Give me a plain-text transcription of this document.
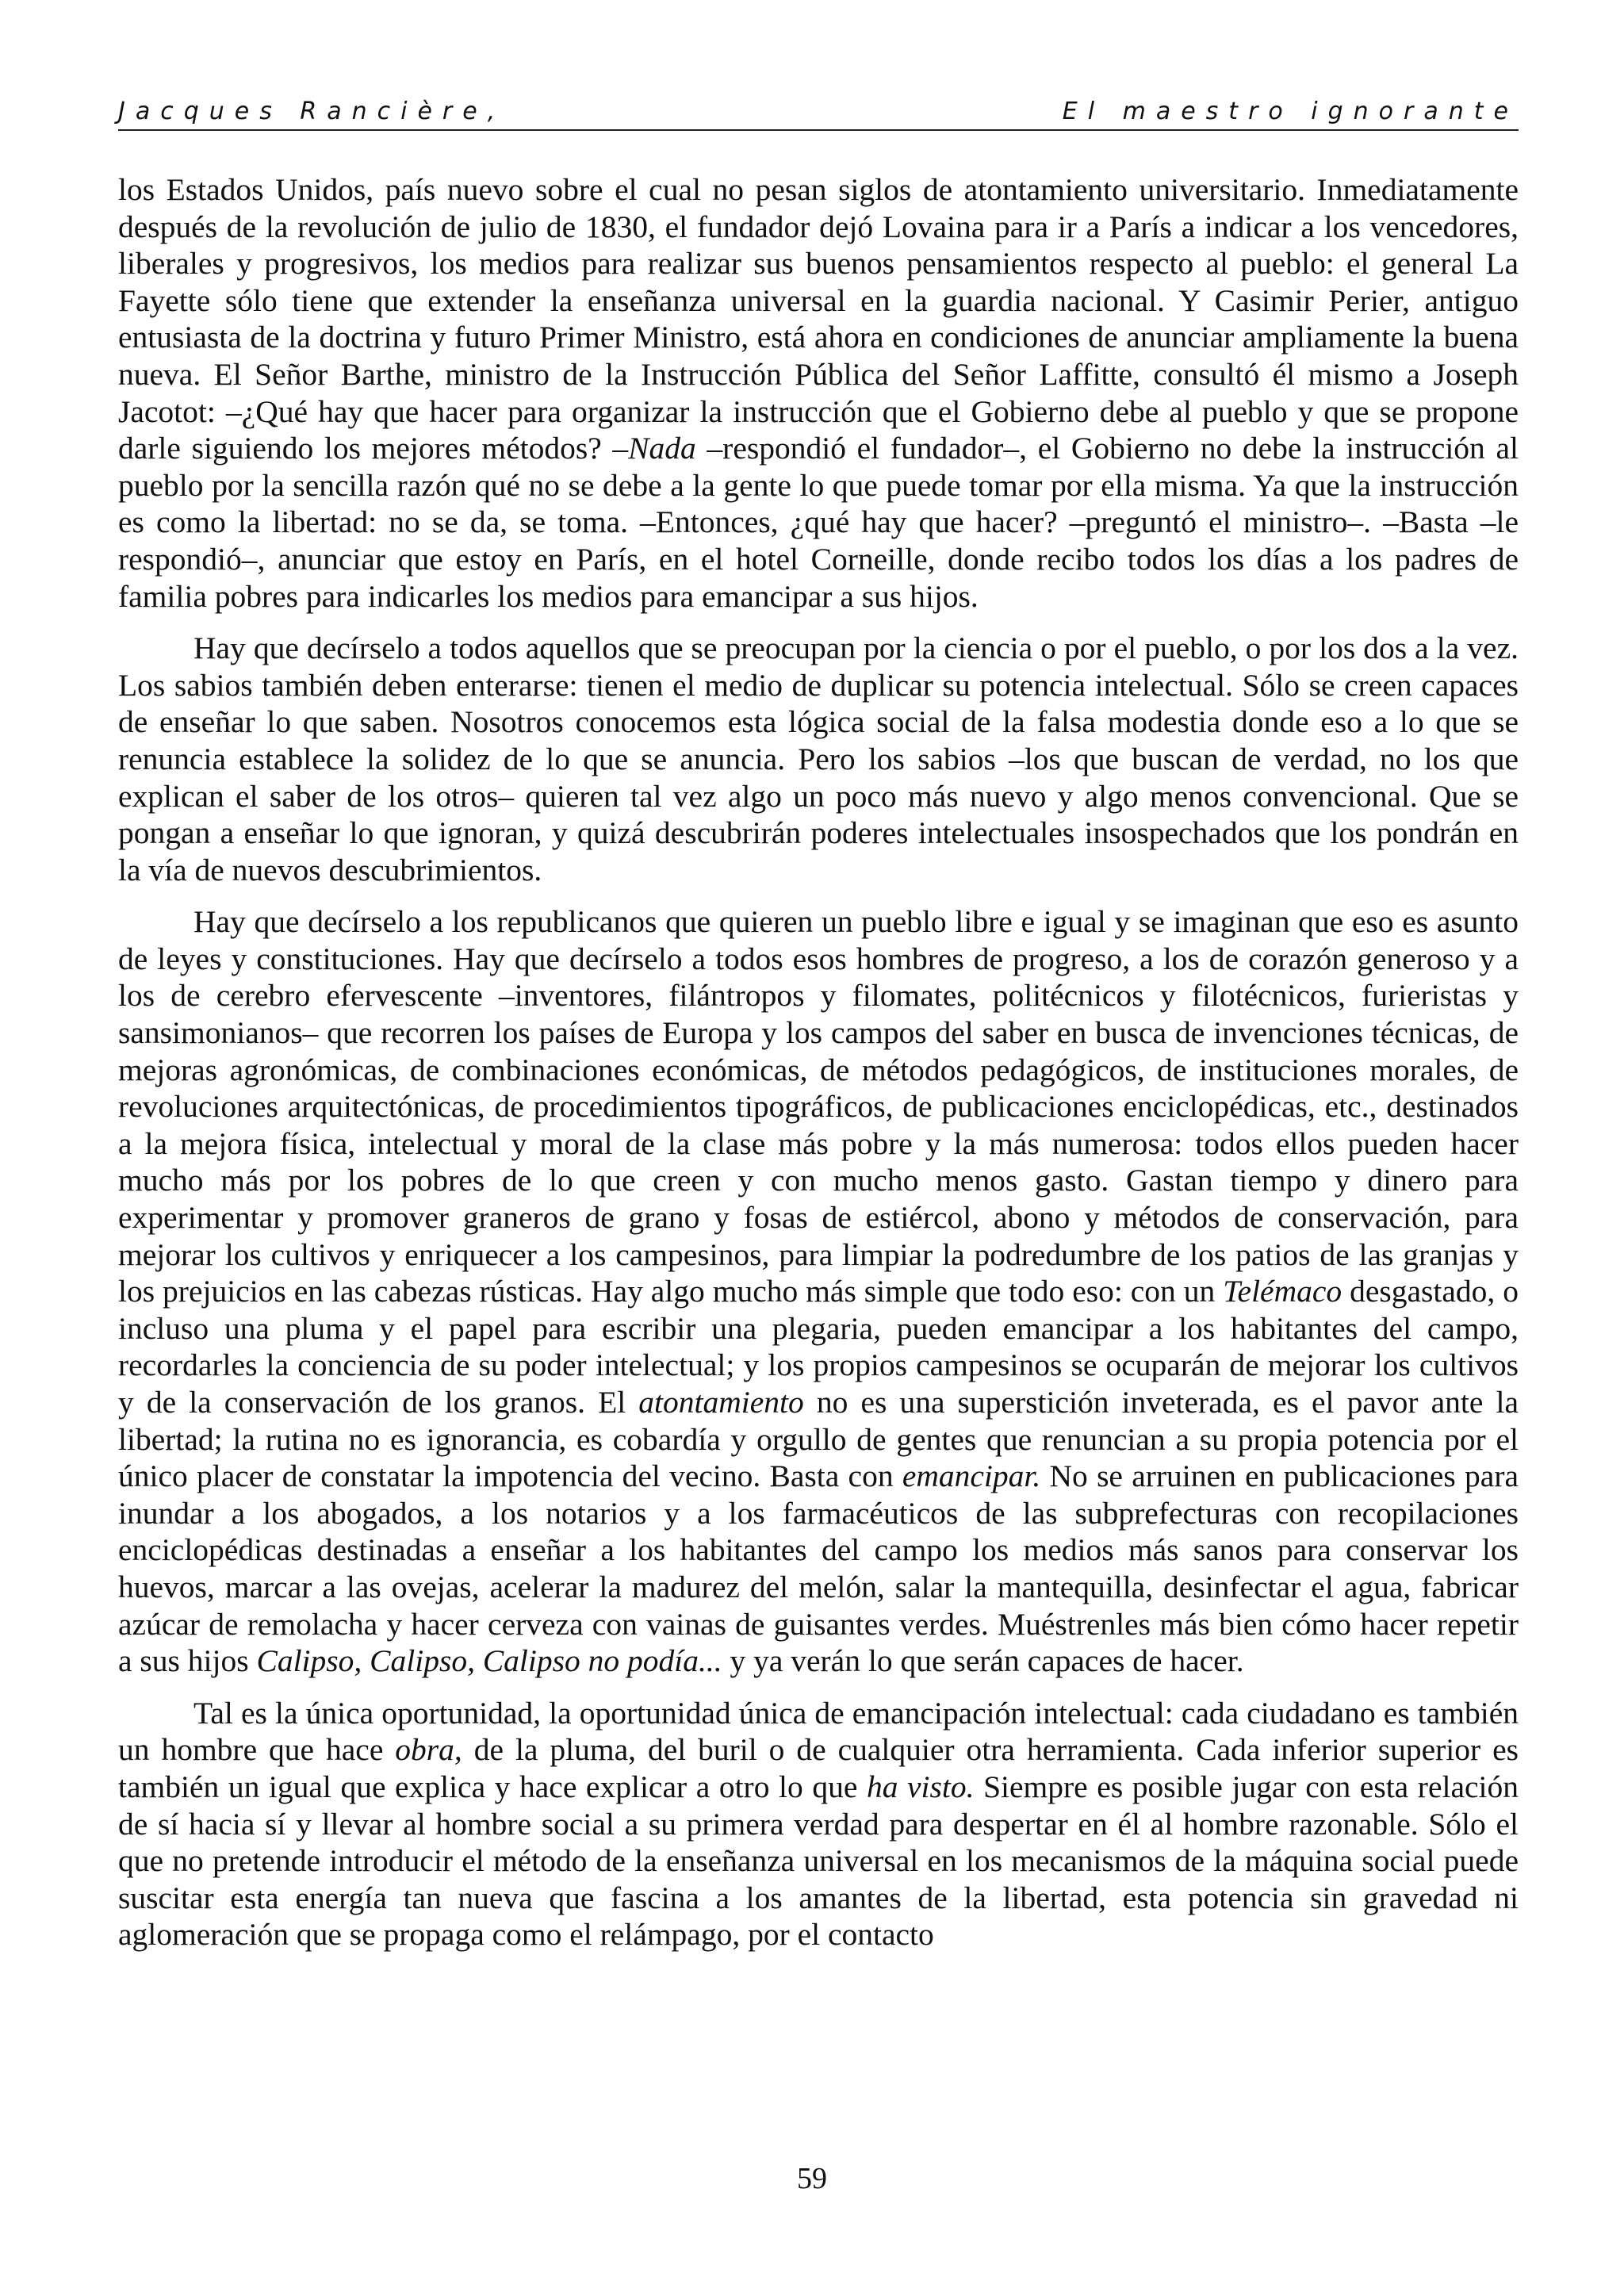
Jacques Rancière,	El maestro ignorante

los Estados Unidos, país nuevo sobre el cual no pesan siglos de atontamiento universitario. Inmediatamente después de la revolución de julio de 1830, el fundador dejó Lovaina para ir a París a indicar a los vencedores, liberales y progresivos, los medios para realizar sus buenos pensamientos respecto al pueblo: el general La Fayette sólo tiene que extender la enseñanza universal en la guardia nacional. Y Casimir Perier, antiguo entusiasta de la doctrina y futuro Primer Ministro, está ahora en condiciones de anunciar ampliamente la buena nueva. El Señor Barthe, ministro de la Instrucción Pública del Señor Laffitte, consultó él mismo a Joseph Jacotot: –¿Qué hay que hacer para organizar la instrucción que el Gobierno debe al pueblo y que se propone darle siguiendo los mejores métodos? –Nada –respondió el fundador–, el Gobierno no debe la instrucción al pueblo por la sencilla razón qué no se debe a la gente lo que puede tomar por ella misma. Ya que la instrucción es como la libertad: no se da, se toma. –Entonces, ¿qué hay que hacer? –preguntó el ministro–. –Basta –le respondió–, anunciar que estoy en París, en el hotel Corneille, donde recibo todos los días a los padres de familia pobres para indicarles los medios para emancipar a sus hijos.

Hay que decírselo a todos aquellos que se preocupan por la ciencia o por el pueblo, o por los dos a la vez. Los sabios también deben enterarse: tienen el medio de duplicar su potencia intelectual. Sólo se creen capaces de enseñar lo que saben. Nosotros conocemos esta lógica social de la falsa modestia donde eso a lo que se renuncia establece la solidez de lo que se anuncia. Pero los sabios –los que buscan de verdad, no los que explican el saber de los otros– quieren tal vez algo un poco más nuevo y algo menos convencional. Que se pongan a enseñar lo que ignoran, y quizá descubrirán poderes intelectuales insospechados que los pondrán en la vía de nuevos descubrimientos.

Hay que decírselo a los republicanos que quieren un pueblo libre e igual y se imaginan que eso es asunto de leyes y constituciones. Hay que decírselo a todos esos hombres de progreso, a los de corazón generoso y a los de cerebro efervescente –inventores, filántropos y filomates, politécnicos y filotécnicos, furieristas y sansimonianos– que recorren los países de Europa y los campos del saber en busca de invenciones técnicas, de mejoras agronómicas, de combinaciones económicas, de métodos pedagógicos, de instituciones morales, de revoluciones arquitectónicas, de procedimientos tipográficos, de publicaciones enciclopédicas, etc., destinados a la mejora física, intelectual y moral de la clase más pobre y la más numerosa: todos ellos pueden hacer mucho más por los pobres de lo que creen y con mucho menos gasto. Gastan tiempo y dinero para experimentar y promover graneros de grano y fosas de estiércol, abono y métodos de conservación, para mejorar los cultivos y enriquecer a los campesinos, para limpiar la podredumbre de los patios de las granjas y los prejuicios en las cabezas rústicas. Hay algo mucho más simple que todo eso: con un Telémaco desgastado, o incluso una pluma y el papel para escribir una plegaria, pueden emancipar a los habitantes del campo, recordarles la conciencia de su poder intelectual; y los propios campesinos se ocuparán de mejorar los cultivos y de la conservación de los granos. El atontamiento no es una superstición inveterada, es el pavor ante la libertad; la rutina no es ignorancia, es cobardía y orgullo de gentes que renuncian a su propia potencia por el único placer de constatar la impotencia del vecino. Basta con emancipar. No se arruinen en publicaciones para inundar a los abogados, a los notarios y a los farmacéuticos de las subprefecturas con recopilaciones enciclopédicas destinadas a enseñar a los habitantes del campo los medios más sanos para conservar los huevos, marcar a las ovejas, acelerar la madurez del melón, salar la mantequilla, desinfectar el agua, fabricar azúcar de remolacha y hacer cerveza con vainas de guisantes verdes. Muéstrenles más bien cómo hacer repetir a sus hijos Calipso, Calipso, Calipso no podía... y ya verán lo que serán capaces de hacer.

Tal es la única oportunidad, la oportunidad única de emancipación intelectual: cada ciudadano es también un hombre que hace obra, de la pluma, del buril o de cualquier otra herramienta. Cada inferior superior es también un igual que explica y hace explicar a otro lo que ha visto. Siempre es posible jugar con esta relación de sí hacia sí y llevar al hombre social a su primera verdad para despertar en él al hombre razonable. Sólo el que no pretende introducir el método de la enseñanza universal en los mecanismos de la máquina social puede suscitar esta energía tan nueva que fascina a los amantes de la libertad, esta potencia sin gravedad ni aglomeración que se propaga como el relámpago, por el contacto

59
